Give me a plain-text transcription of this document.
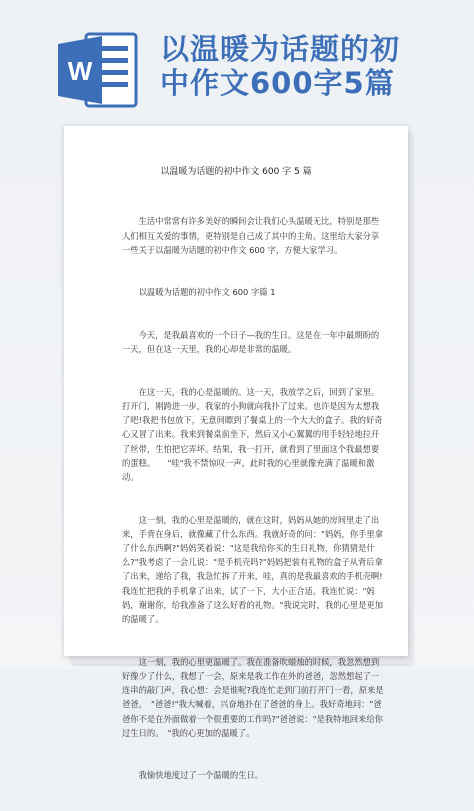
W
以温暖为话题的初
中作文600字5篇
以温暖为话题的初中作文 600 字 5 篇

　　生活中常常有许多美好的瞬间会让我们心头温暖无比，特别是那些人们相互关爱的事情，更特别是自己成了其中的主角。这里给大家分享一些关于以温暖为话题的初中作文 600 字，方便大家学习。

　　以温暖为话题的初中作文 600 字篇 1

　　今天，是我最喜欢的一个日子—我的生日。这是在一年中最期盼的一天，但在这一天里，我的心却是非常的温暖。

　　在这一天，我的心是温暖的。这一天，我放学之后，回到了家里。打开门，刚跨进一步，我家的小狗就向我扑了过来。也许是因为太想我了吧!我把书包放下，无意间瞟到了餐桌上的一个大大的盒子。我的好奇心又冒了出来。我来到餐桌前坐下，然后又小心翼翼的用手轻轻地拉开了丝带，生怕把它弄坏。结果，我一打开，就看到了里面这个我最想要的蛋糕。　　"哇"我不禁惊叹一声，此时我的心里就像充满了温暖和激动。

　　这一刻，我的心里是温暖的，就在这时，妈妈从她的房间里走了出来，手背在身后，就像藏了什么东西。我就好奇的问："妈妈，你手里拿了什么东西啊?"妈妈笑着说："这是我给你买的生日礼物，你猜猜是什么?"我考虑了一会儿说："是手机壳吗?"妈妈把装有礼物的盒子从背后拿了出来，递给了我，我急忙拆了开来，哇，真的是我最喜欢的手机壳啊!我连忙把我的手机拿了出来，试了一下，大小正合适。我连忙说："妈妈，谢谢你，给我准备了这么好看的礼物。"我说完时，我的心里是更加的温暖了。

　　这一刻，我的心里更温暖了。我在准备吹蜡烛的时候，我忽然想到好像少了什么，我想了一会，原来是我工作在外的爸爸，忽然想起了一连串的敲门声，我心想：会是谁呢?我连忙走到门前打开门一看，原来是爸爸，　"爸爸!"我大喊着，兴奋地扑在了爸爸的身上。我好奇地问："爸爸你不是在外面做着一个很重要的工作吗?"爸爸说："是我特地回来给你过生日的。　"我的心更加的温暖了。

　　我愉快地度过了一个温暖的生日。
